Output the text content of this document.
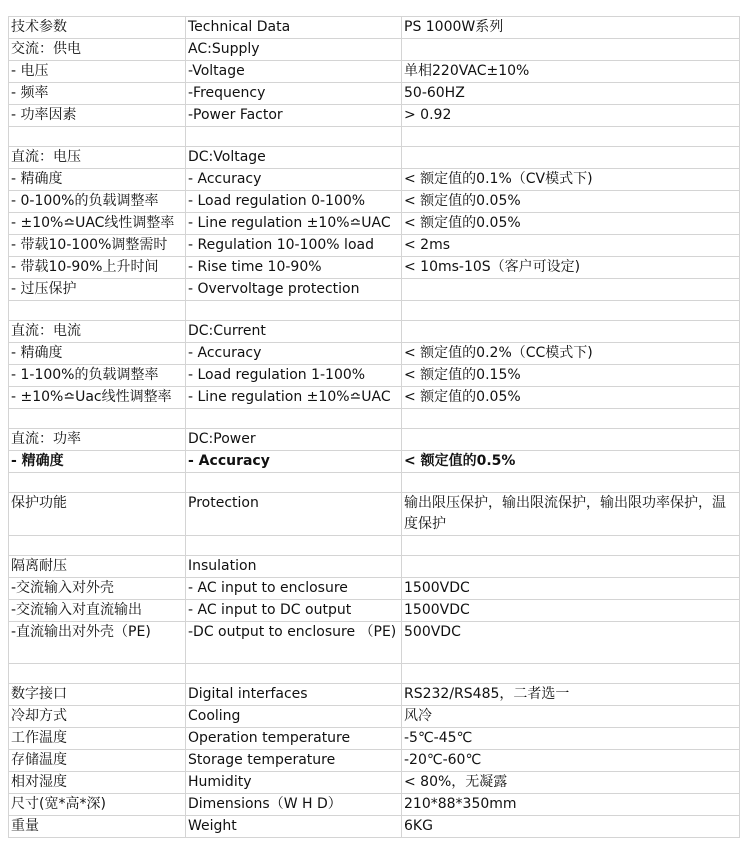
技术参数	Technical Data	PS 1000W系列
交流：供电	AC:Supply	
- 电压	-Voltage	单相220VAC±10%
- 频率	-Frequency	50-60HZ
- 功率因素	-Power Factor	> 0.92

直流：电压	DC:Voltage	
- 精确度	- Accuracy	< 额定值的0.1%（CV模式下)
- 0-100%的负载调整率	- Load regulation 0-100%	< 额定值的0.05%
- ±10%≏UAC线性调整率	- Line regulation ±10%≏UAC	< 额定值的0.05%
- 带载10-100%调整需时	- Regulation 10-100% load	< 2ms
- 带载10-90%上升时间	- Rise time 10-90%	< 10ms-10S（客户可设定)
- 过压保护	- Overvoltage protection	

直流：电流	DC:Current	
- 精确度	- Accuracy	< 额定值的0.2%（CC模式下)
- 1-100%的负载调整率	- Load regulation 1-100%	< 额定值的0.15%
- ±10%≏Uac线性调整率	- Line regulation ±10%≏UAC	< 额定值的0.05%

直流：功率	DC:Power	
- 精确度	- Accuracy	< 额定值的0.5%

保护功能	Protection	输出限压保护，输出限流保护，输出限功率保护，温度保护

隔离耐压	Insulation	
-交流输入对外壳	- AC input to enclosure	1500VDC
-交流输入对直流输出	- AC input to DC output	1500VDC
-直流输出对外壳（PE)	-DC output to enclosure （PE)	500VDC

数字接口	Digital interfaces	RS232/RS485，二者选一
冷却方式	Cooling	风冷
工作温度	Operation temperature	-5℃-45℃
存储温度	Storage temperature	-20℃-60℃
相对湿度	Humidity	< 80%，无凝露
尺寸(宽*高*深)	Dimensions（W H D）	210*88*350mm
重量	Weight	6KG
